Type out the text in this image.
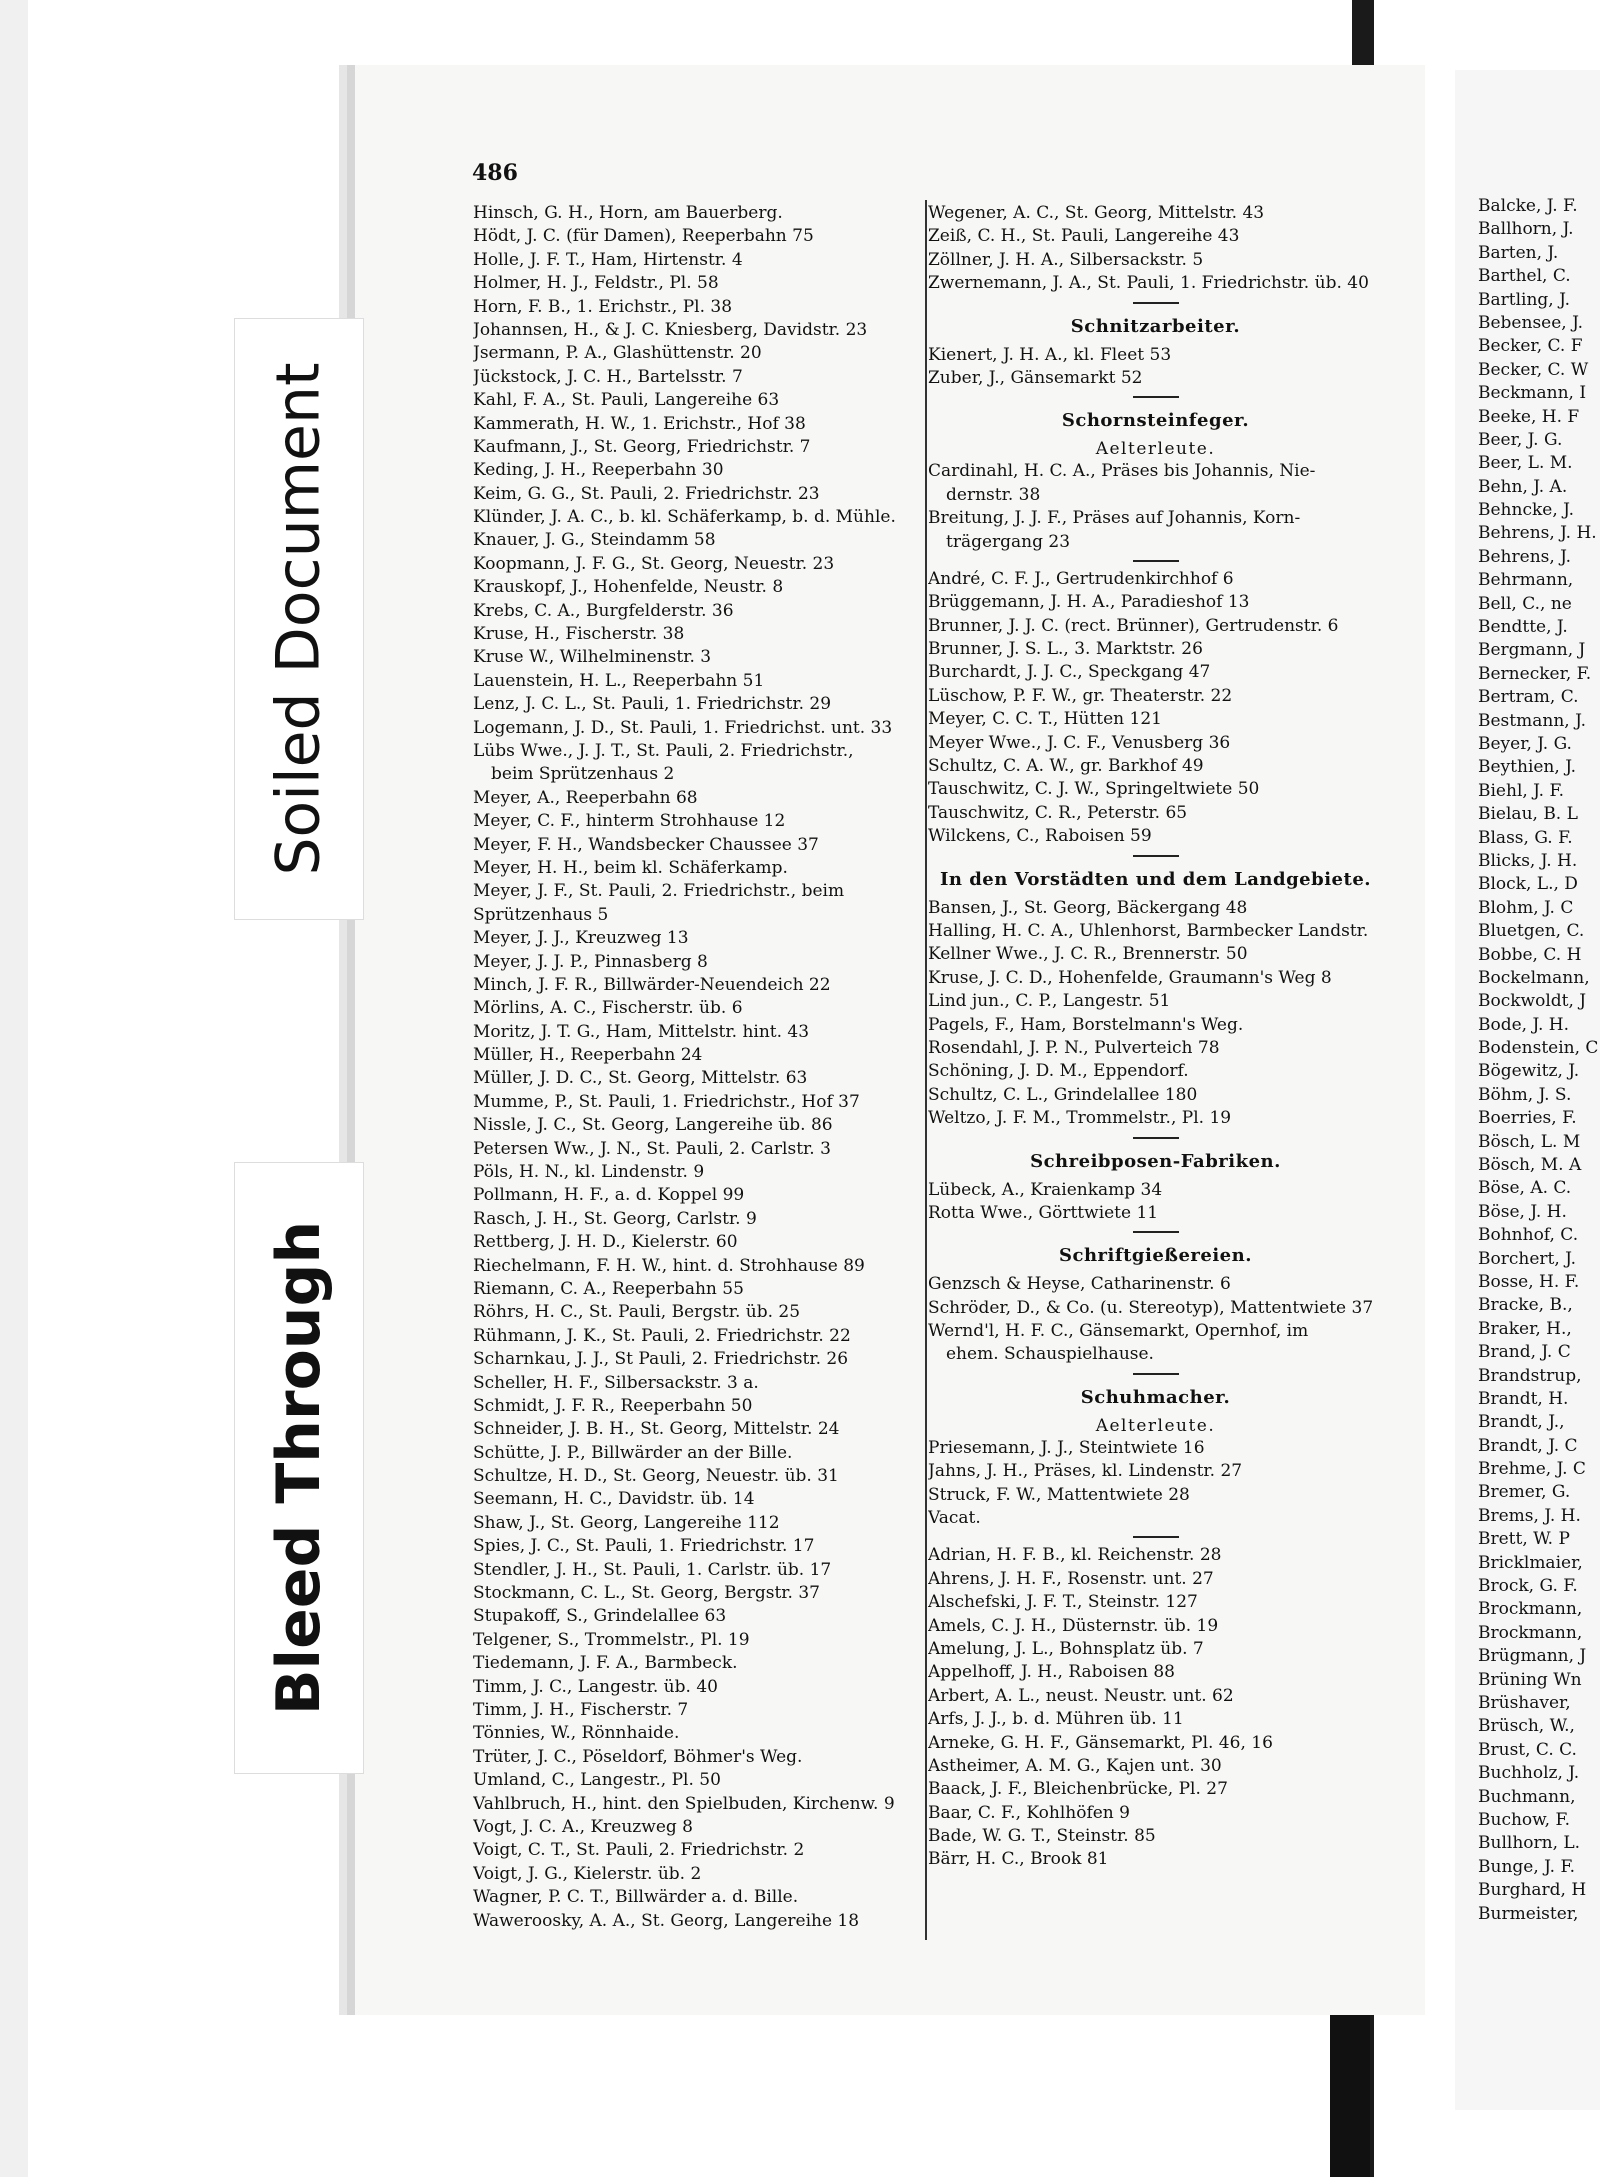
486
Hinsch, G. H., Horn, am Bauerberg.
Hödt, J. C. (für Damen), Reeperbahn 75
Holle, J. F. T., Ham, Hirtenstr. 4
Holmer, H. J., Feldstr., Pl. 58
Horn, F. B., 1. Erichstr., Pl. 38
Johannsen, H., & J. C. Kniesberg, Davidstr. 23
Jsermann, P. A., Glashüttenstr. 20
Jückstock, J. C. H., Bartelsstr. 7
Kahl, F. A., St. Pauli, Langereihe 63
Kammerath, H. W., 1. Erichstr., Hof 38
Kaufmann, J., St. Georg, Friedrichstr. 7
Keding, J. H., Reeperbahn 30
Keim, G. G., St. Pauli, 2. Friedrichstr. 23
Klünder, J. A. C., b. kl. Schäferkamp, b. d. Mühle.
Knauer, J. G., Steindamm 58
Koopmann, J. F. G., St. Georg, Neuestr. 23
Krauskopf, J., Hohenfelde, Neustr. 8
Krebs, C. A., Burgfelderstr. 36
Kruse, H., Fischerstr. 38
Kruse W., Wilhelminenstr. 3
Lauenstein, H. L., Reeperbahn 51
Lenz, J. C. L., St. Pauli, 1. Friedrichstr. 29
Logemann, J. D., St. Pauli, 1. Friedrichst. unt. 33
Lübs Wwe., J. J. T., St. Pauli, 2. Friedrichstr.,
beim Sprützenhaus 2
Meyer, A., Reeperbahn 68
Meyer, C. F., hinterm Strohhause 12
Meyer, F. H., Wandsbecker Chaussee 37
Meyer, H. H., beim kl. Schäferkamp.
Meyer, J. F., St. Pauli, 2. Friedrichstr., beim
Sprützenhaus 5
Meyer, J. J., Kreuzweg 13
Meyer, J. J. P., Pinnasberg 8
Minch, J. F. R., Billwärder-Neuendeich 22
Mörlins, A. C., Fischerstr. üb. 6
Moritz, J. T. G., Ham, Mittelstr. hint. 43
Müller, H., Reeperbahn 24
Müller, J. D. C., St. Georg, Mittelstr. 63
Mumme, P., St. Pauli, 1. Friedrichstr., Hof 37
Nissle, J. C., St. Georg, Langereihe üb. 86
Petersen Ww., J. N., St. Pauli, 2. Carlstr. 3
Pöls, H. N., kl. Lindenstr. 9
Pollmann, H. F., a. d. Koppel 99
Rasch, J. H., St. Georg, Carlstr. 9
Rettberg, J. H. D., Kielerstr. 60
Riechelmann, F. H. W., hint. d. Strohhause 89
Riemann, C. A., Reeperbahn 55
Röhrs, H. C., St. Pauli, Bergstr. üb. 25
Rühmann, J. K., St. Pauli, 2. Friedrichstr. 22
Scharnkau, J. J., St Pauli, 2. Friedrichstr. 26
Scheller, H. F., Silbersackstr. 3 a.
Schmidt, J. F. R., Reeperbahn 50
Schneider, J. B. H., St. Georg, Mittelstr. 24
Schütte, J. P., Billwärder an der Bille.
Schultze, H. D., St. Georg, Neuestr. üb. 31
Seemann, H. C., Davidstr. üb. 14
Shaw, J., St. Georg, Langereihe 112
Spies, J. C., St. Pauli, 1. Friedrichstr. 17
Stendler, J. H., St. Pauli, 1. Carlstr. üb. 17
Stockmann, C. L., St. Georg, Bergstr. 37
Stupakoff, S., Grindelallee 63
Telgener, S., Trommelstr., Pl. 19
Tiedemann, J. F. A., Barmbeck.
Timm, J. C., Langestr. üb. 40
Timm, J. H., Fischerstr. 7
Tönnies, W., Rönnhaide.
Trüter, J. C., Pöseldorf, Böhmer's Weg.
Umland, C., Langestr., Pl. 50
Vahlbruch, H., hint. den Spielbuden, Kirchenw. 9
Vogt, J. C. A., Kreuzweg 8
Voigt, C. T., St. Pauli, 2. Friedrichstr. 2
Voigt, J. G., Kielerstr. üb. 2
Wagner, P. C. T., Billwärder a. d. Bille.
Waweroosky, A. A., St. Georg, Langereihe 18
Wegener, A. C., St. Georg, Mittelstr. 43
Zeiß, C. H., St. Pauli, Langereihe 43
Zöllner, J. H. A., Silbersackstr. 5
Zwernemann, J. A., St. Pauli, 1. Friedrichstr. üb. 40
Schnitzarbeiter.
Kienert, J. H. A., kl. Fleet 53
Zuber, J., Gänsemarkt 52
Schornsteinfeger.
Aelterleute.
Cardinahl, H. C. A., Präses bis Johannis, Nie-
dernstr. 38
Breitung, J. J. F., Präses auf Johannis, Korn-
trägergang 23
André, C. F. J., Gertrudenkirchhof 6
Brüggemann, J. H. A., Paradieshof 13
Brunner, J. J. C. (rect. Brünner), Gertrudenstr. 6
Brunner, J. S. L., 3. Marktstr. 26
Burchardt, J. J. C., Speckgang 47
Lüschow, P. F. W., gr. Theaterstr. 22
Meyer, C. C. T., Hütten 121
Meyer Wwe., J. C. F., Venusberg 36
Schultz, C. A. W., gr. Barkhof 49
Tauschwitz, C. J. W., Springeltwiete 50
Tauschwitz, C. R., Peterstr. 65
Wilckens, C., Raboisen 59
In den Vorstädten und dem Landgebiete.
Bansen, J., St. Georg, Bäckergang 48
Halling, H. C. A., Uhlenhorst, Barmbecker Landstr.
Kellner Wwe., J. C. R., Brennerstr. 50
Kruse, J. C. D., Hohenfelde, Graumann's Weg 8
Lind jun., C. P., Langestr. 51
Pagels, F., Ham, Borstelmann's Weg.
Rosendahl, J. P. N., Pulverteich 78
Schöning, J. D. M., Eppendorf.
Schultz, C. L., Grindelallee 180
Weltzo, J. F. M., Trommelstr., Pl. 19
Schreibposen-Fabriken.
Lübeck, A., Kraienkamp 34
Rotta Wwe., Görttwiete 11
Schriftgießereien.
Genzsch & Heyse, Catharinenstr. 6
Schröder, D., & Co. (u. Stereotyp), Mattentwiete 37
Wernd'l, H. F. C., Gänsemarkt, Opernhof, im
ehem. Schauspielhause.
Schuhmacher.
Aelterleute.
Priesemann, J. J., Steintwiete 16
Jahns, J. H., Präses, kl. Lindenstr. 27
Struck, F. W., Mattentwiete 28
Vacat.
Adrian, H. F. B., kl. Reichenstr. 28
Ahrens, J. H. F., Rosenstr. unt. 27
Alschefski, J. F. T., Steinstr. 127
Amels, C. J. H., Düsternstr. üb. 19
Amelung, J. L., Bohnsplatz üb. 7
Appelhoff, J. H., Raboisen 88
Arbert, A. L., neust. Neustr. unt. 62
Arfs, J. J., b. d. Mühren üb. 11
Arneke, G. H. F., Gänsemarkt, Pl. 46, 16
Astheimer, A. M. G., Kajen unt. 30
Baack, J. F., Bleichenbrücke, Pl. 27
Baar, C. F., Kohlhöfen 9
Bade, W. G. T., Steinstr. 85
Bärr, H. C., Brook 81
Balcke, J. F.
Ballhorn, J.
Barten, J.
Barthel, C.
Bartling, J.
Bebensee, J.
Becker, C. F
Becker, C. W
Beckmann, I
Beeke, H. F
Beer, J. G.
Beer, L. M.
Behn, J. A.
Behncke, J.
Behrens, J. H.
Behrens, J.
Behrmann,
Bell, C., ne
Bendtte, J.
Bergmann, J
Bernecker, F.
Bertram, C.
Bestmann, J.
Beyer, J. G.
Beythien, J.
Biehl, J. F.
Bielau, B. L
Blass, G. F.
Blicks, J. H.
Block, L., D
Blohm, J. C
Bluetgen, C.
Bobbe, C. H
Bockelmann,
Bockwoldt, J
Bode, J. H.
Bodenstein, C
Bögewitz, J.
Böhm, J. S.
Boerries, F.
Bösch, L. M
Bösch, M. A
Böse, A. C.
Böse, J. H.
Bohnhof, C.
Borchert, J.
Bosse, H. F.
Bracke, B.,
Braker, H.,
Brand, J. C
Brandstrup,
Brandt, H.
Brandt, J.,
Brandt, J. C
Brehme, J. C
Bremer, G.
Brems, J. H.
Brett, W. P
Bricklmaier,
Brock, G. F.
Brockmann,
Brockmann,
Brügmann, J
Brüning Wn
Brüshaver,
Brüsch, W.,
Brust, C. C.
Buchholz, J.
Buchmann,
Buchow, F.
Bullhorn, L.
Bunge, J. F.
Burghard, H
Burmeister,
Soiled Document
Bleed Through
